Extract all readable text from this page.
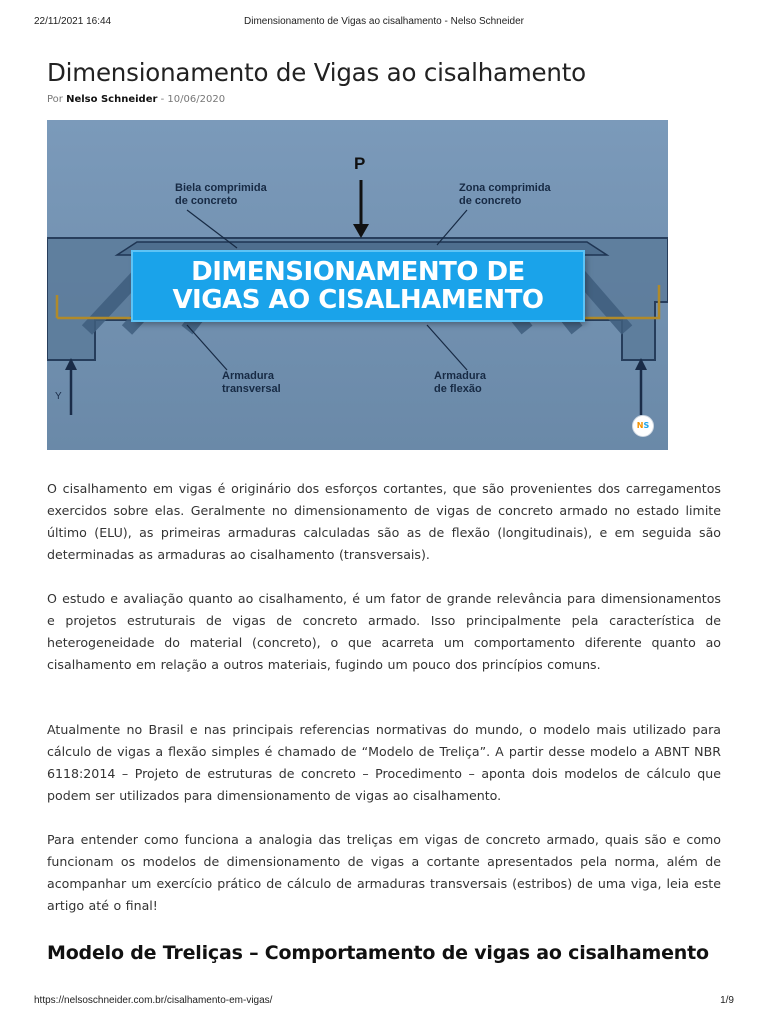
22/11/2021 16:44	Dimensionamento de Vigas ao cisalhamento - Nelso Schneider
Dimensionamento de Vigas ao cisalhamento
Por Nelso Schneider - 10/06/2020
P
Biela comprimida
de concreto
Zona comprimida
de concreto
Armadura
transversal
Armadura
de flexão
Y
DIMENSIONAMENTO DE
VIGAS AO CISALHAMENTO
NS

O cisalhamento em vigas é originário dos esforços cortantes, que são provenientes dos carregamentos exercidos sobre elas. Geralmente no dimensionamento de vigas de concreto armado no estado limite último (ELU), as primeiras armaduras calculadas são as de flexão (longitudinais), e em seguida são determinadas as armaduras ao cisalhamento (transversais).

O estudo e avaliação quanto ao cisalhamento, é um fator de grande relevância para dimensionamentos e projetos estruturais de vigas de concreto armado. Isso principalmente pela característica de heterogeneidade do material (concreto), o que acarreta um comportamento diferente quanto ao cisalhamento em relação a outros materiais, fugindo um pouco dos princípios comuns.

Atualmente no Brasil e nas principais referencias normativas do mundo, o modelo mais utilizado para cálculo de vigas a flexão simples é chamado de “Modelo de Treliça”. A partir desse modelo a ABNT NBR 6118:2014 – Projeto de estruturas de concreto – Procedimento – aponta dois modelos de cálculo que podem ser utilizados para dimensionamento de vigas ao cisalhamento.

Para entender como funciona a analogia das treliças em vigas de concreto armado, quais são e como funcionam os modelos de dimensionamento de vigas a cortante apresentados pela norma, além de acompanhar um exercício prático de cálculo de armaduras transversais (estribos) de uma viga, leia este artigo até o final!

Modelo de Treliças – Comportamento de vigas ao cisalhamento
https://nelsoschneider.com.br/cisalhamento-em-vigas/	1/9
